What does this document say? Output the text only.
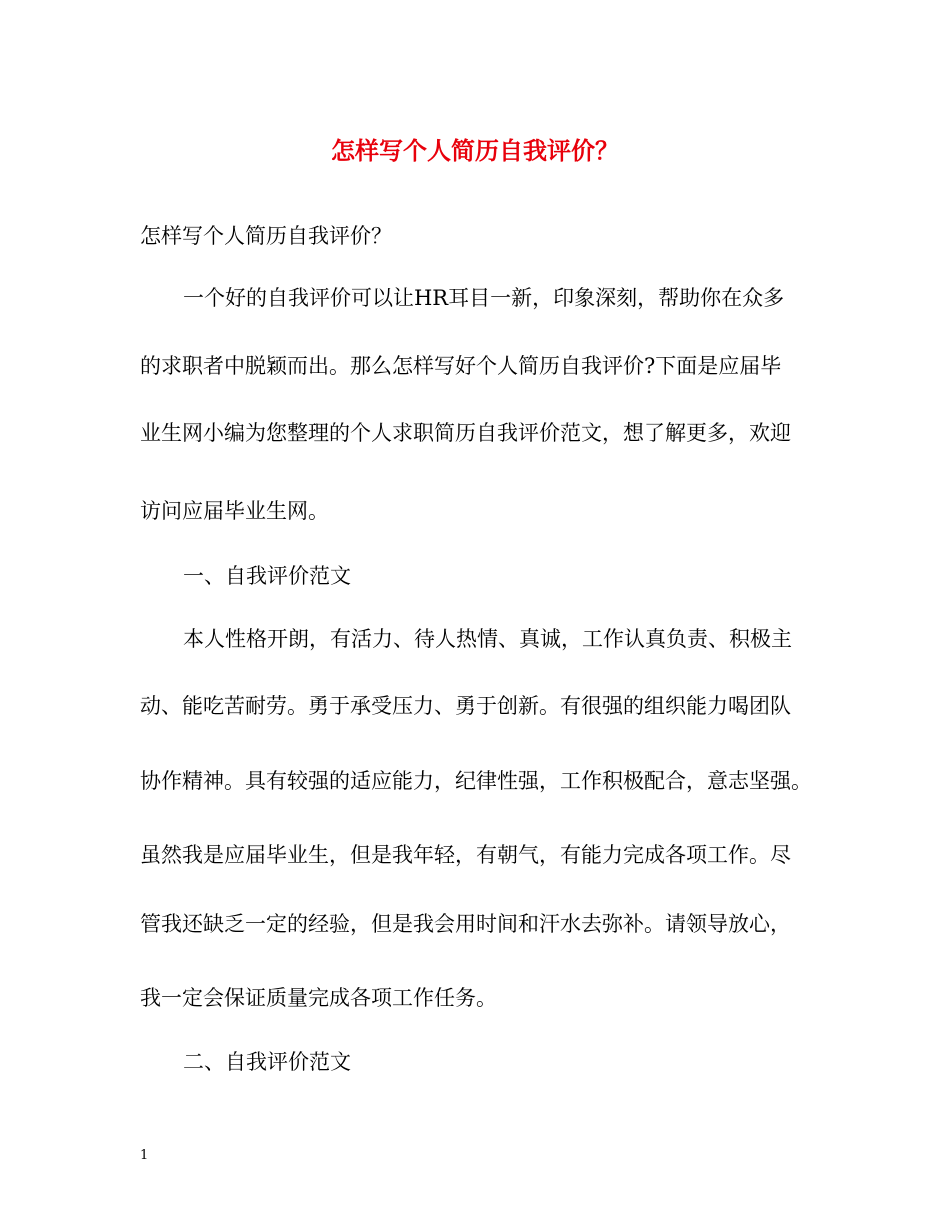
怎样写个人简历自我评价？
怎样写个人简历自我评价？
一个好的自我评价可以让HR耳目一新，印象深刻，帮助你在众多
的求职者中脱颖而出。那么怎样写好个人简历自我评价?下面是应届毕
业生网小编为您整理的个人求职简历自我评价范文，想了解更多，欢迎
访问应届毕业生网。
一、自我评价范文
本人性格开朗，有活力、待人热情、真诚，工作认真负责、积极主
动、能吃苦耐劳。勇于承受压力、勇于创新。有很强的组织能力喝团队
协作精神。具有较强的适应能力，纪律性强，工作积极配合，意志坚强。
虽然我是应届毕业生，但是我年轻，有朝气，有能力完成各项工作。尽
管我还缺乏一定的经验，但是我会用时间和汗水去弥补。请领导放心，
我一定会保证质量完成各项工作任务。
二、自我评价范文
1
